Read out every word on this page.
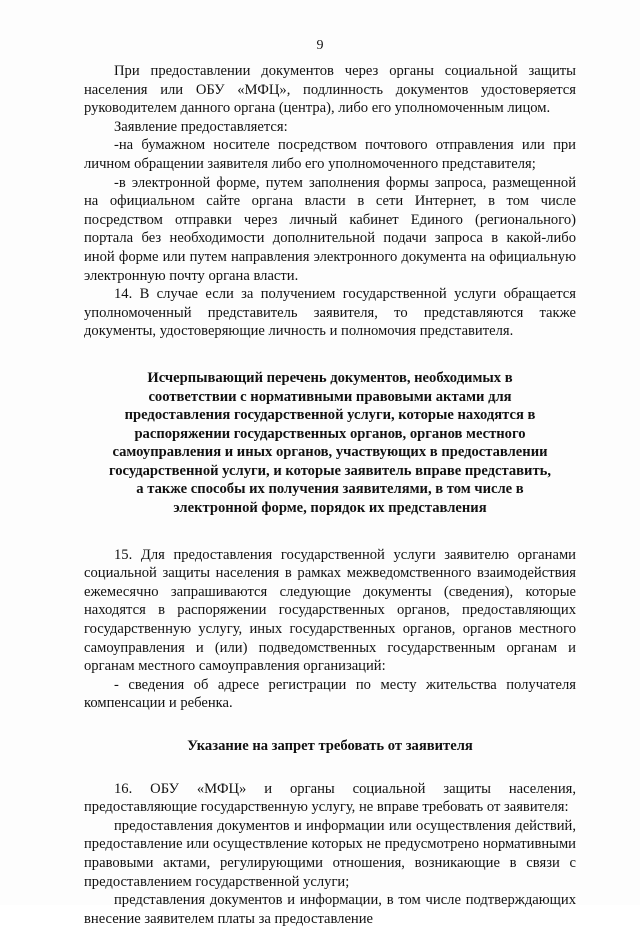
9

При предоставлении документов через органы социальной защиты населения или ОБУ «МФЦ», подлинность документов удостоверяется руководителем данного органа (центра), либо его уполномоченным лицом.

Заявление предоставляется:

-на бумажном носителе посредством почтового отправления или при личном обращении заявителя либо его уполномоченного представителя;

-в электронной форме, путем заполнения формы запроса, размещенной на официальном сайте органа власти в сети Интернет, в том числе посредством отправки через личный кабинет Единого (регионального) портала без необходимости дополнительной подачи запроса в какой-либо иной форме или путем направления электронного документа на официальную электронную почту органа власти.

14. В случае если за получением государственной услуги обращается уполномоченный представитель заявителя, то представляются также документы, удостоверяющие личность и полномочия представителя.

Исчерпывающий перечень документов, необходимых в соответствии с нормативными правовыми актами для предоставления государственной услуги, которые находятся в распоряжении государственных органов, органов местного самоуправления и иных органов, участвующих в предоставлении государственной услуги, и которые заявитель вправе представить, а также способы их получения заявителями, в том числе в электронной форме, порядок их представления

15. Для предоставления государственной услуги заявителю органами социальной защиты населения в рамках межведомственного взаимодействия ежемесячно запрашиваются следующие документы (сведения), которые находятся в распоряжении государственных органов, предоставляющих государственную услугу, иных государственных органов, органов местного самоуправления и (или) подведомственных государственным органам и органам местного самоуправления организаций:

- сведения об адресе регистрации по месту жительства получателя компенсации и ребенка.

Указание на запрет требовать от заявителя

16. ОБУ «МФЦ» и органы социальной защиты населения, предоставляющие государственную услугу, не вправе требовать от заявителя:

предоставления документов и информации или осуществления действий, предоставление или осуществление которых не предусмотрено нормативными правовыми актами, регулирующими отношения, возникающие в связи с предоставлением государственной услуги;

представления документов и информации, в том числе подтверждающих внесение заявителем платы за предоставление
